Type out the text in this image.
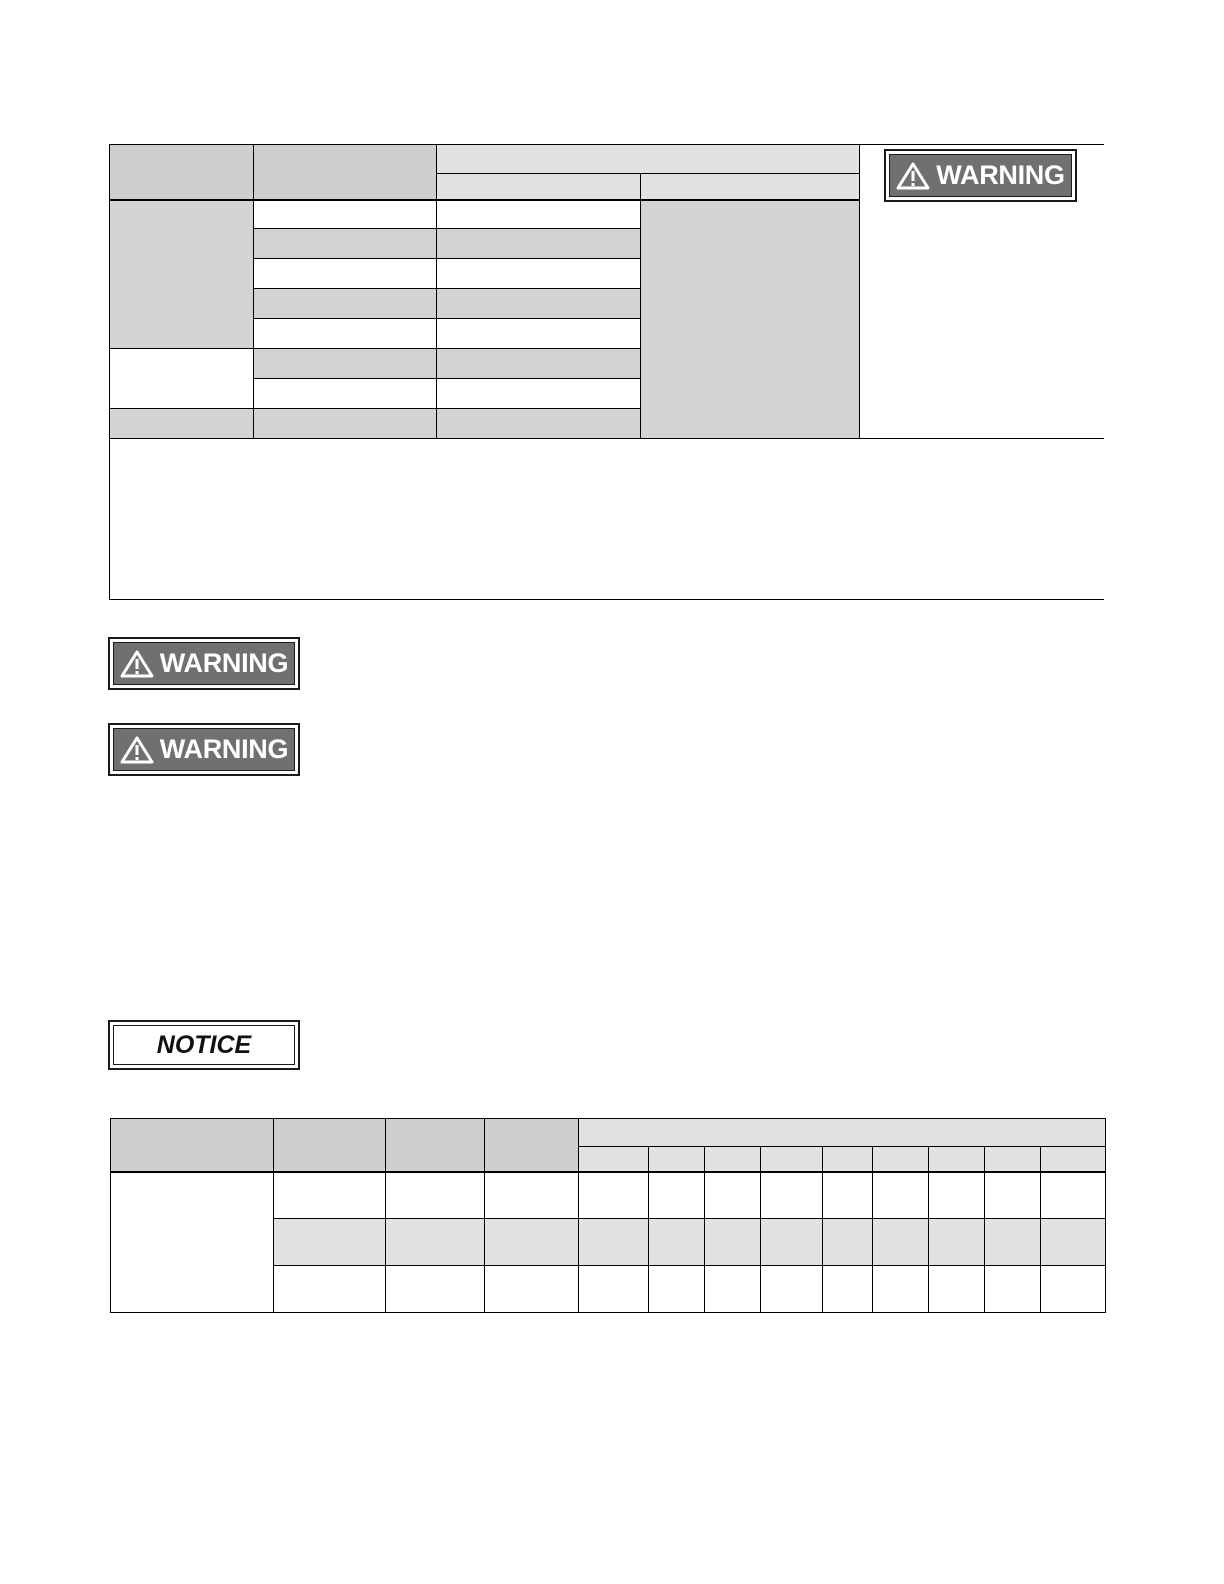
WARNING
WARNING
WARNING
NOTICE
